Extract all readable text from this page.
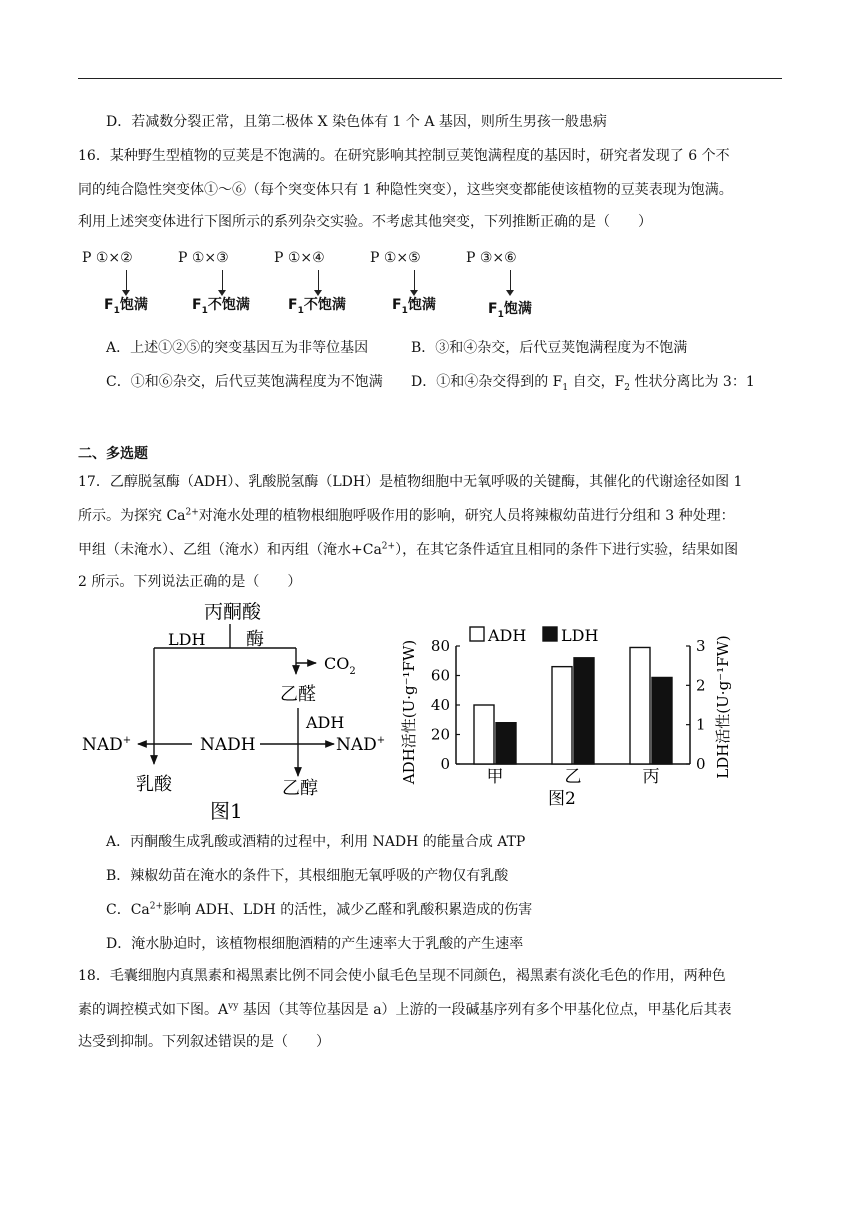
D．若减数分裂正常，且第二极体 X 染色体有 1 个 A 基因，则所生男孩一般患病
16．某种野生型植物的豆荚是不饱满的。在研究影响其控制豆荚饱满程度的基因时，研究者发现了 6 个不
同的纯合隐性突变体①～⑥（每个突变体只有 1 种隐性突变），这些突变都能使该植物的豆荚表现为饱满。
利用上述突变体进行下图所示的系列杂交实验。不考虑其他突变，下列推断正确的是（　　）
P ①×②
$F_1$饱满
P ①×③
$F_1$不饱满
P ①×④
$F_1$不饱满
P ①×⑤
$F_1$饱满
P ③×⑥
$F_1$饱满
A．上述①②⑤的突变基因互为非等位基因	B．③和④杂交，后代豆荚饱满程度为不饱满
C．①和⑥杂交，后代豆荚饱满程度为不饱满 D．①和④杂交得到的 $F_1$ 自交，$F_2$ 性状分离比为 3：1
二、多选题
17．乙醇脱氢酶（ADH）、乳酸脱氢酶（LDH）是植物细胞中无氧呼吸的关键酶，其催化的代谢途径如图 1
所示。为探究 $Ca^{2+}$对淹水处理的植物根细胞呼吸作用的影响，研究人员将辣椒幼苗进行分组和 3 种处理：
甲组（未淹水）、乙组（淹水）和丙组（淹水$+Ca^{2+}$），在其它条件适宜且相同的条件下进行实验，结果如图
2 所示。下列说法正确的是（　　）
丙酮酸
LDH 酶
$CO_2$
乙醛
ADH
NAD+	NADH	NAD+
乳酸	乙醇
图1
0
20
40
60
80
0
1
2
3
甲	乙	丙
ADH LDH
ADH活性(U·g⁻¹FW)	LDH活性(U·g⁻¹FW)
图2
A．丙酮酸生成乳酸或酒精的过程中，利用 NADH 的能量合成 ATP
B．辣椒幼苗在淹水的条件下，其根细胞无氧呼吸的产物仅有乳酸
C．$Ca^{2+}$影响 ADH、LDH 的活性，减少乙醛和乳酸积累造成的伤害
D．淹水胁迫时，该植物根细胞酒精的产生速率大于乳酸的产生速率
18．毛囊细胞内真黑素和褐黑素比例不同会使小鼠毛色呈现不同颜色，褐黑素有淡化毛色的作用，两种色
素的调控模式如下图。$A^{vy}$ 基因（其等位基因是 a）上游的一段碱基序列有多个甲基化位点，甲基化后其表
达受到抑制。下列叙述错误的是（　　）
